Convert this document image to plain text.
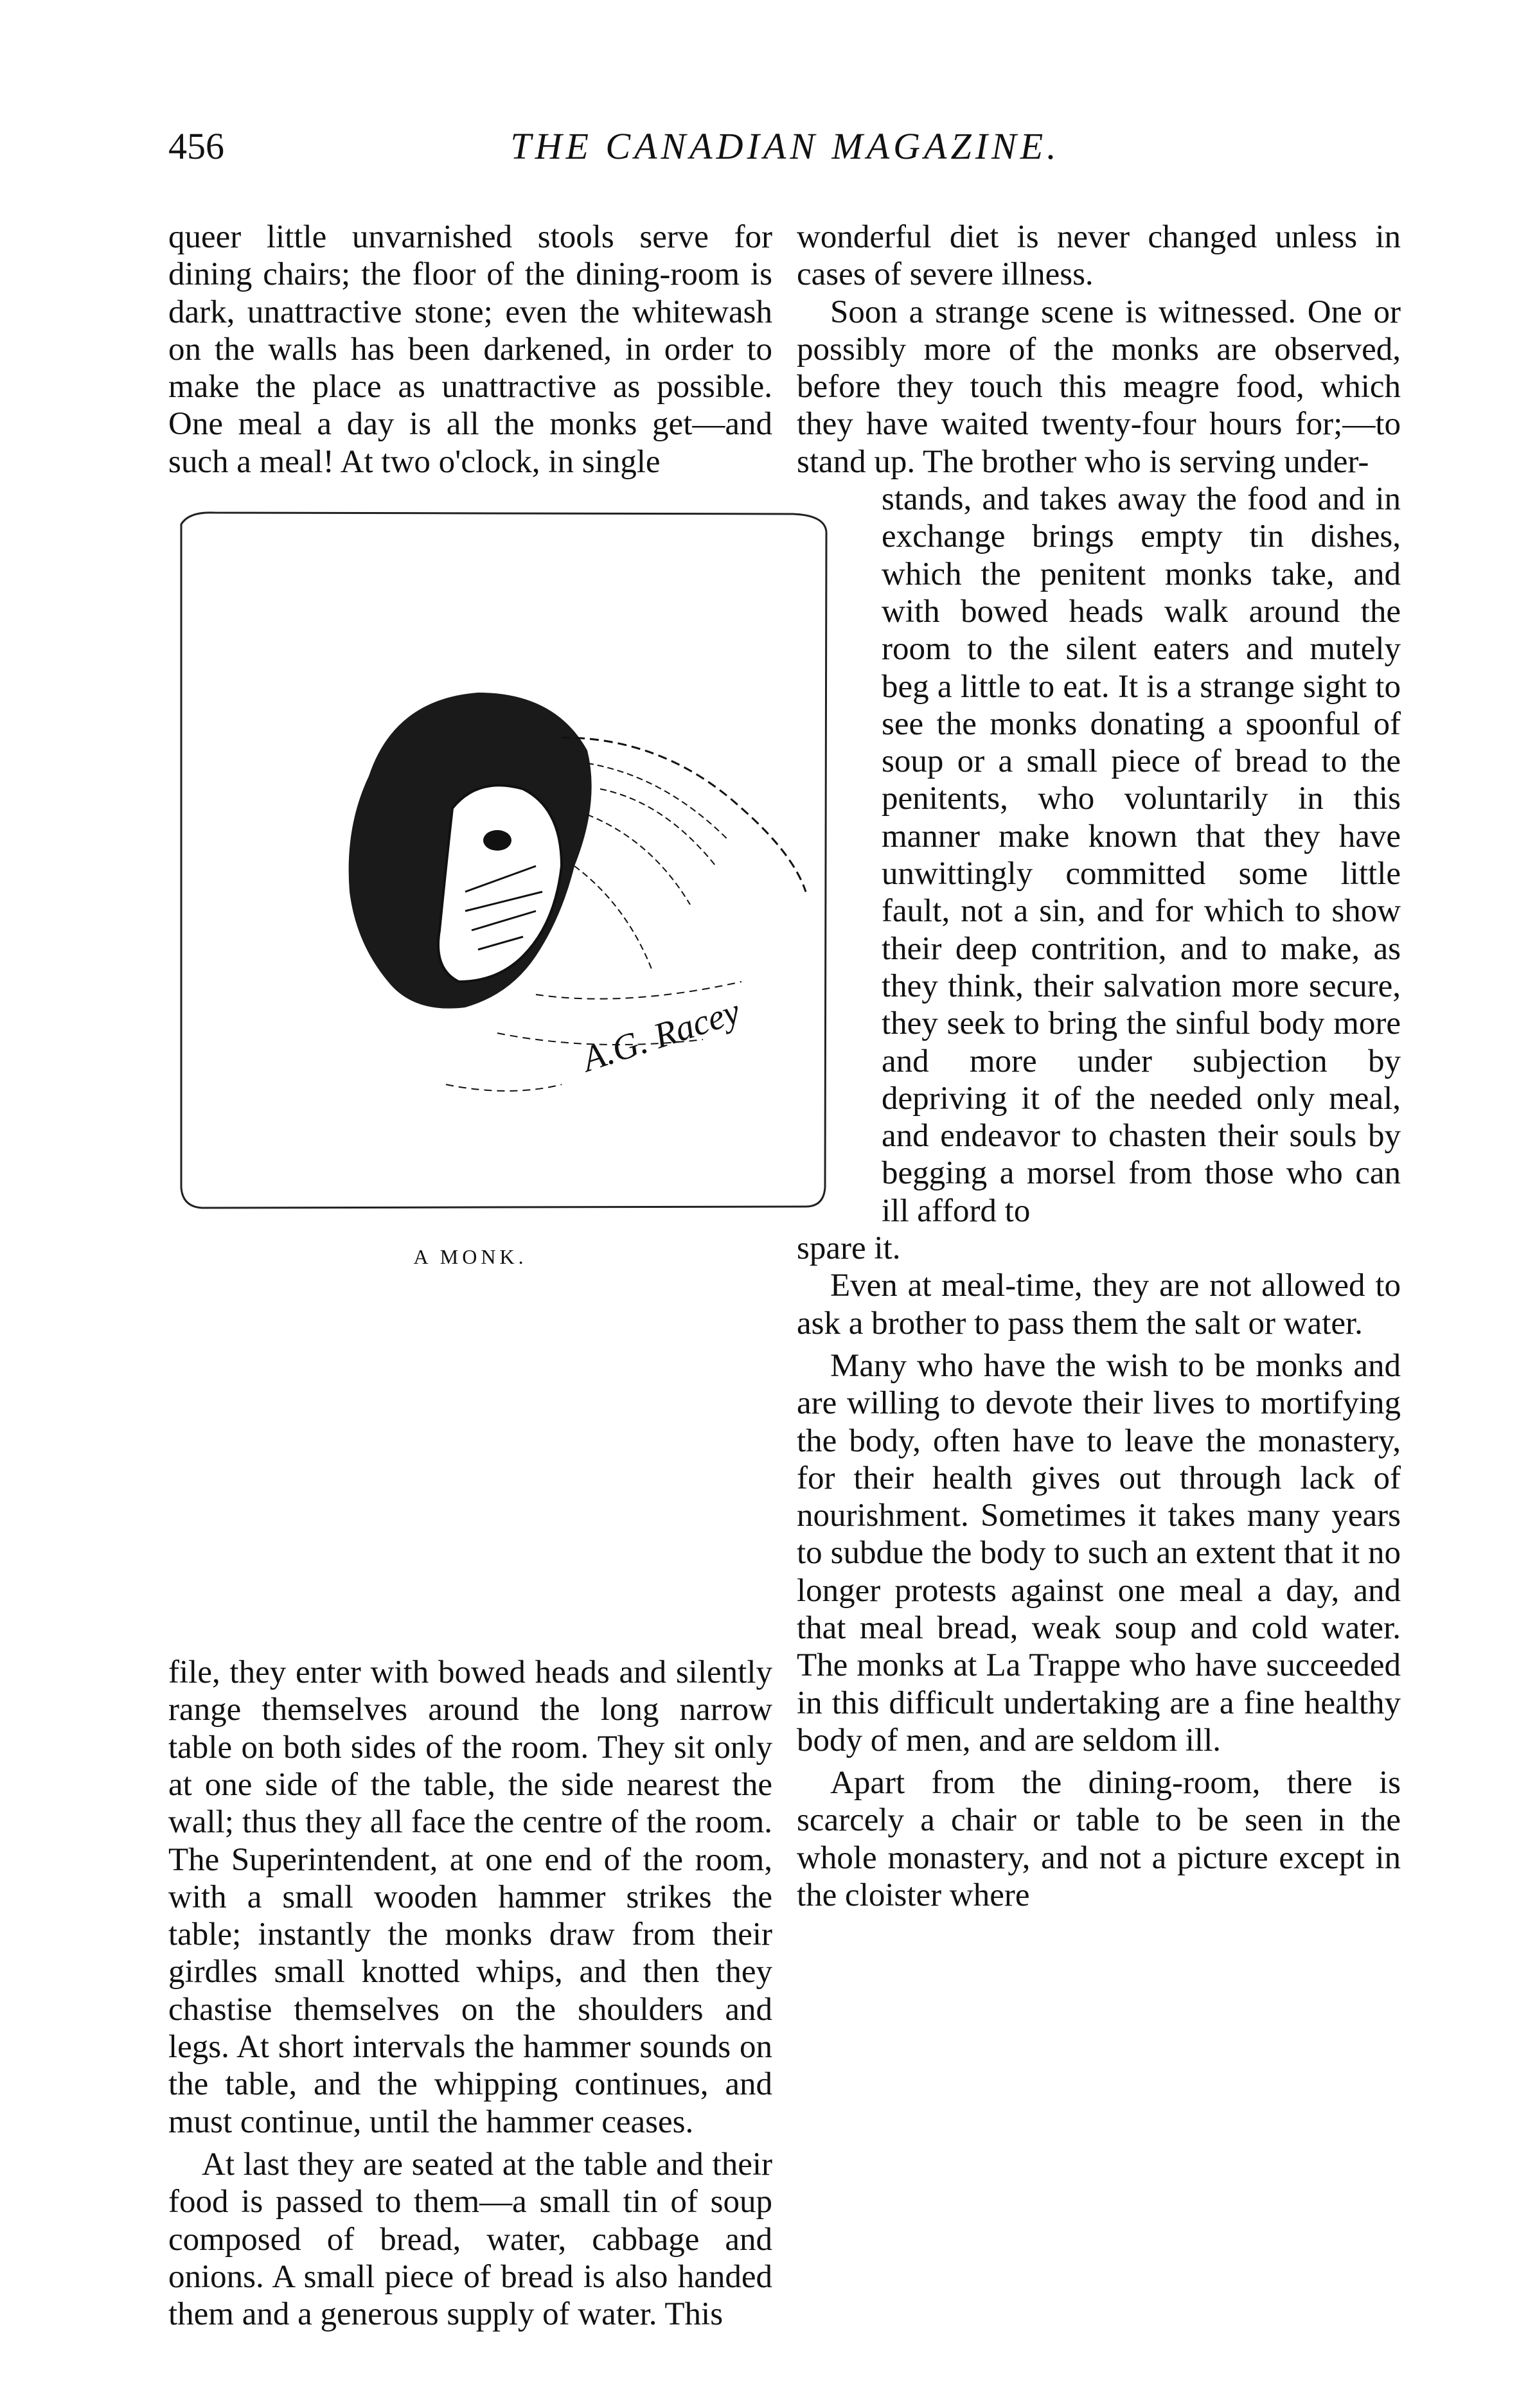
456	THE CANADIAN MAGAZINE.

queer little unvarnished stools serve for dining chairs; the floor of the dining-room is dark, unattractive stone; even the whitewash on the walls has been darkened, in order to make the place as unattractive as possible. One meal a day is all the monks get—and such a meal! At two o'clock, in single

A.G. Racey
A MONK.

file, they enter with bowed heads and silently range themselves around the long narrow table on both sides of the room. They sit only at one side of the table, the side nearest the wall; thus they all face the centre of the room. The Superintendent, at one end of the room, with a small wooden hammer strikes the table; instantly the monks draw from their girdles small knotted whips, and then they chastise themselves on the shoulders and legs. At short intervals the hammer sounds on the table, and the whipping continues, and must continue, until the hammer ceases.

At last they are seated at the table and their food is passed to them—a small tin of soup composed of bread, water, cabbage and onions. A small piece of bread is also handed them and a generous supply of water. This

wonderful diet is never changed unless in cases of severe illness.

Soon a strange scene is witnessed. One or possibly more of the monks are observed, before they touch this meagre food, which they have waited twenty-four hours for;—to stand up. The brother who is serving under-

stands, and takes away the food and in exchange brings empty tin dishes, which the penitent monks take, and with bowed heads walk around the room to the silent eaters and mutely beg a little to eat. It is a strange sight to see the monks donating a spoonful of soup or a small piece of bread to the penitents, who voluntarily in this manner make known that they have unwittingly committed some little fault, not a sin, and for which to show their deep contrition, and to make, as they think, their salvation more secure, they seek to bring the sinful body more and more under subjection by depriving it of the needed only meal, and endeavor to chasten their souls by begging a morsel from those who can ill afford to

spare it.

Even at meal-time, they are not allowed to ask a brother to pass them the salt or water.

Many who have the wish to be monks and are willing to devote their lives to mortifying the body, often have to leave the monastery, for their health gives out through lack of nourishment. Sometimes it takes many years to subdue the body to such an extent that it no longer protests against one meal a day, and that meal bread, weak soup and cold water. The monks at La Trappe who have succeeded in this difficult undertaking are a fine healthy body of men, and are seldom ill.

Apart from the dining-room, there is scarcely a chair or table to be seen in the whole monastery, and not a picture except in the cloister where
